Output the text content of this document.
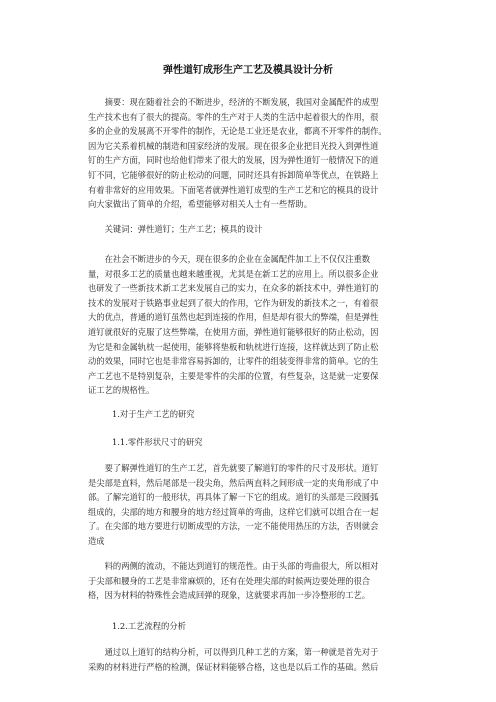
弹性道钉成形生产工艺及模具设计分析
　　摘要：现在随着社会的不断进步，经济的不断发展，我国对金属配件的成型
生产技术也有了很大的提高。零件的生产对于人类的生活中起着很大的作用，很
多的企业的发展离不开零件的制作，无论是工业还是农业，都离不开零件的制作。
因为它关系着机械的制造和国家经济的发展。现在很多企业把目光投入到弹性道
钉的生产方面，同时也给他们带来了很大的发展，因为弹性道钉一般情况下的道
钉不同，它能够很好的防止松动的问题，同时还具有拆卸简单等优点，在铁路上
有着非常好的应用效果。下面笔者就弹性道钉成型的生产工艺和它的模具的设计
向大家做出了简单的介绍，希望能够对相关人士有一些帮助。
　　关键词：弹性道钉；生产工艺；模具的设计
　　在社会不断进步的今天，现在很多的企业在金属配件加工上不仅仅注重数
量，对很多工艺的质量也越来越重视，尤其是在新工艺的应用上。所以很多企业
也研发了一些新技术新工艺来发展自己的实力，在众多的新技术中，弹性道钉的
技术的发展对于铁路事业起到了很大的作用，它作为研发的新技术之一，有着很
大的优点，普通的道钉虽然也起到连接的作用，但是却有很大的弊端，但是弹性
道钉就很好的克服了这些弊端，在使用方面，弹性道钉能够很好的防止松动，因
为它是和金属轨枕一起使用，能够将垫板和轨枕进行连接，这样就达到了防止松
动的效果，同时它也是非常容易拆卸的，让零件的组装变得非常的简单。它的生
产工艺也不是特别复杂，主要是零件的尖部的位置，有些复杂，这是就一定要保
证工艺的规格性。
1.对于生产工艺的研究
1.1.零件形状尺寸的研究
　　要了解弹性道钉的生产工艺，首先就要了解道钉的零件的尺寸及形状。道钉
是尖部是直料，然后尾部是一段尖角，然后两直料之间形成一定的夹角形成了中
部。了解完道钉的一般形状，再具体了解一下它的组成。道钉的头部是三段圆弧
组成的，尖部的地方和腰身的地方经过简单的弯曲，这样它们就可以组合在一起
了。在尖部的地方要进行切断成型的方法，一定不能使用热压的方法，否则就会
造成
　　料的两侧的流动，不能达到道钉的规范性。由于头部的弯曲很大，所以相对
于尖部和腰身的工艺是非常麻烦的，还有在处理尖部的时候两边要处理的很合
格，因为材料的特殊性会造成回弹的现象，这就要求再加一步冷整形的工艺。
1.2.工艺流程的分析
　　通过以上道钉的结构分析，可以得到几种工艺的方案，第一种就是首先对于
采购的材料进行严格的检测，保证材料能够合格，这也是以后工作的基础。然后
